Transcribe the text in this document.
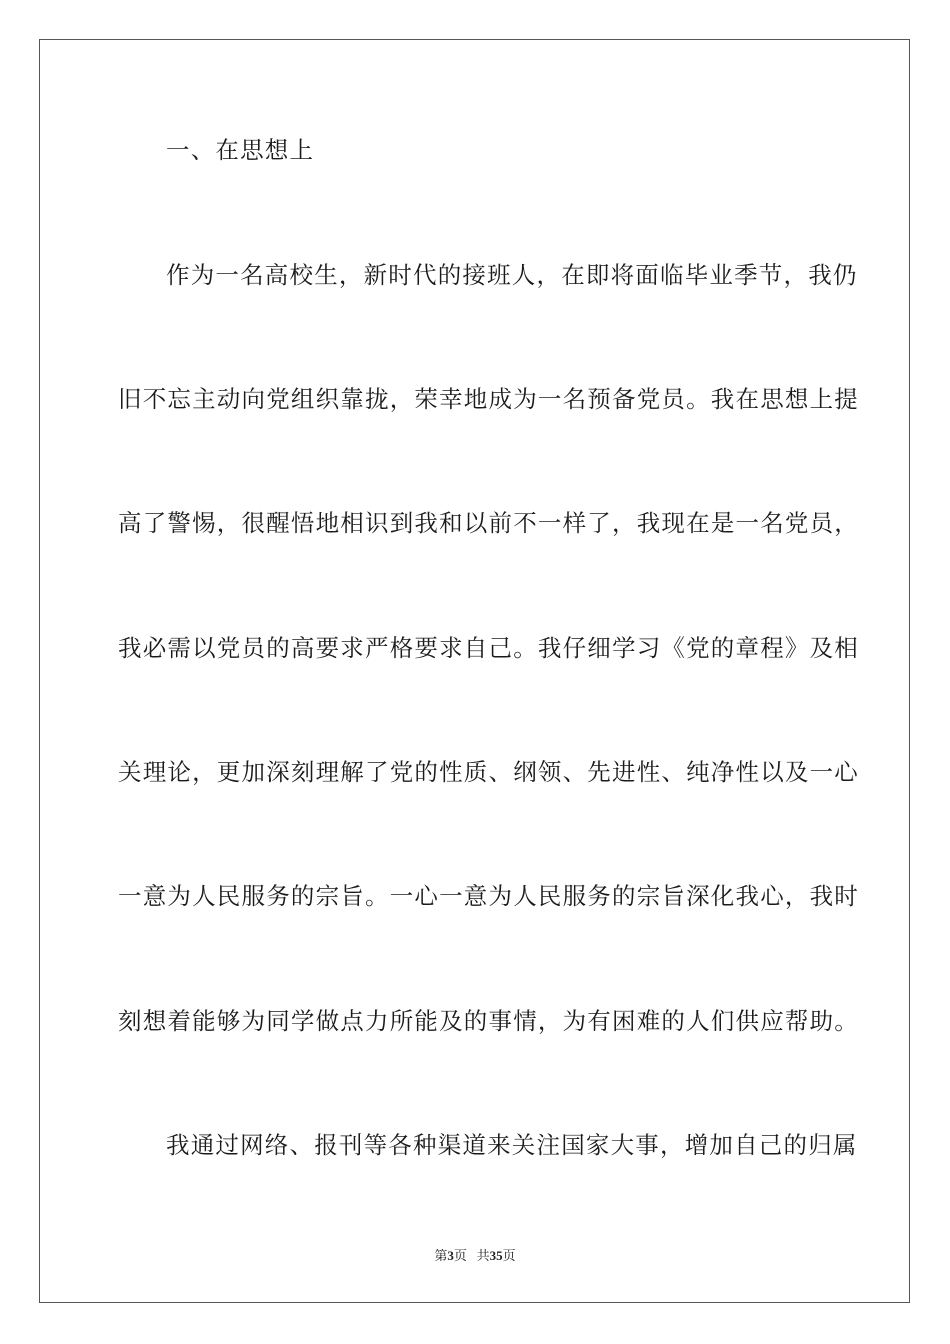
一、在思想上
作为一名高校生，新时代的接班人，在即将面临毕业季节，我仍
旧不忘主动向党组织靠拢，荣幸地成为一名预备党员。我在思想上提
高了警惕，很醒悟地相识到我和以前不一样了，我现在是一名党员，
我必需以党员的高要求严格要求自己。我仔细学习《党的章程》及相
关理论，更加深刻理解了党的性质、纲领、先进性、纯净性以及一心
一意为人民服务的宗旨。一心一意为人民服务的宗旨深化我心，我时
刻想着能够为同学做点力所能及的事情，为有困难的人们供应帮助。
我通过网络、报刊等各种渠道来关注国家大事，增加自己的归属
第3页 共35页
